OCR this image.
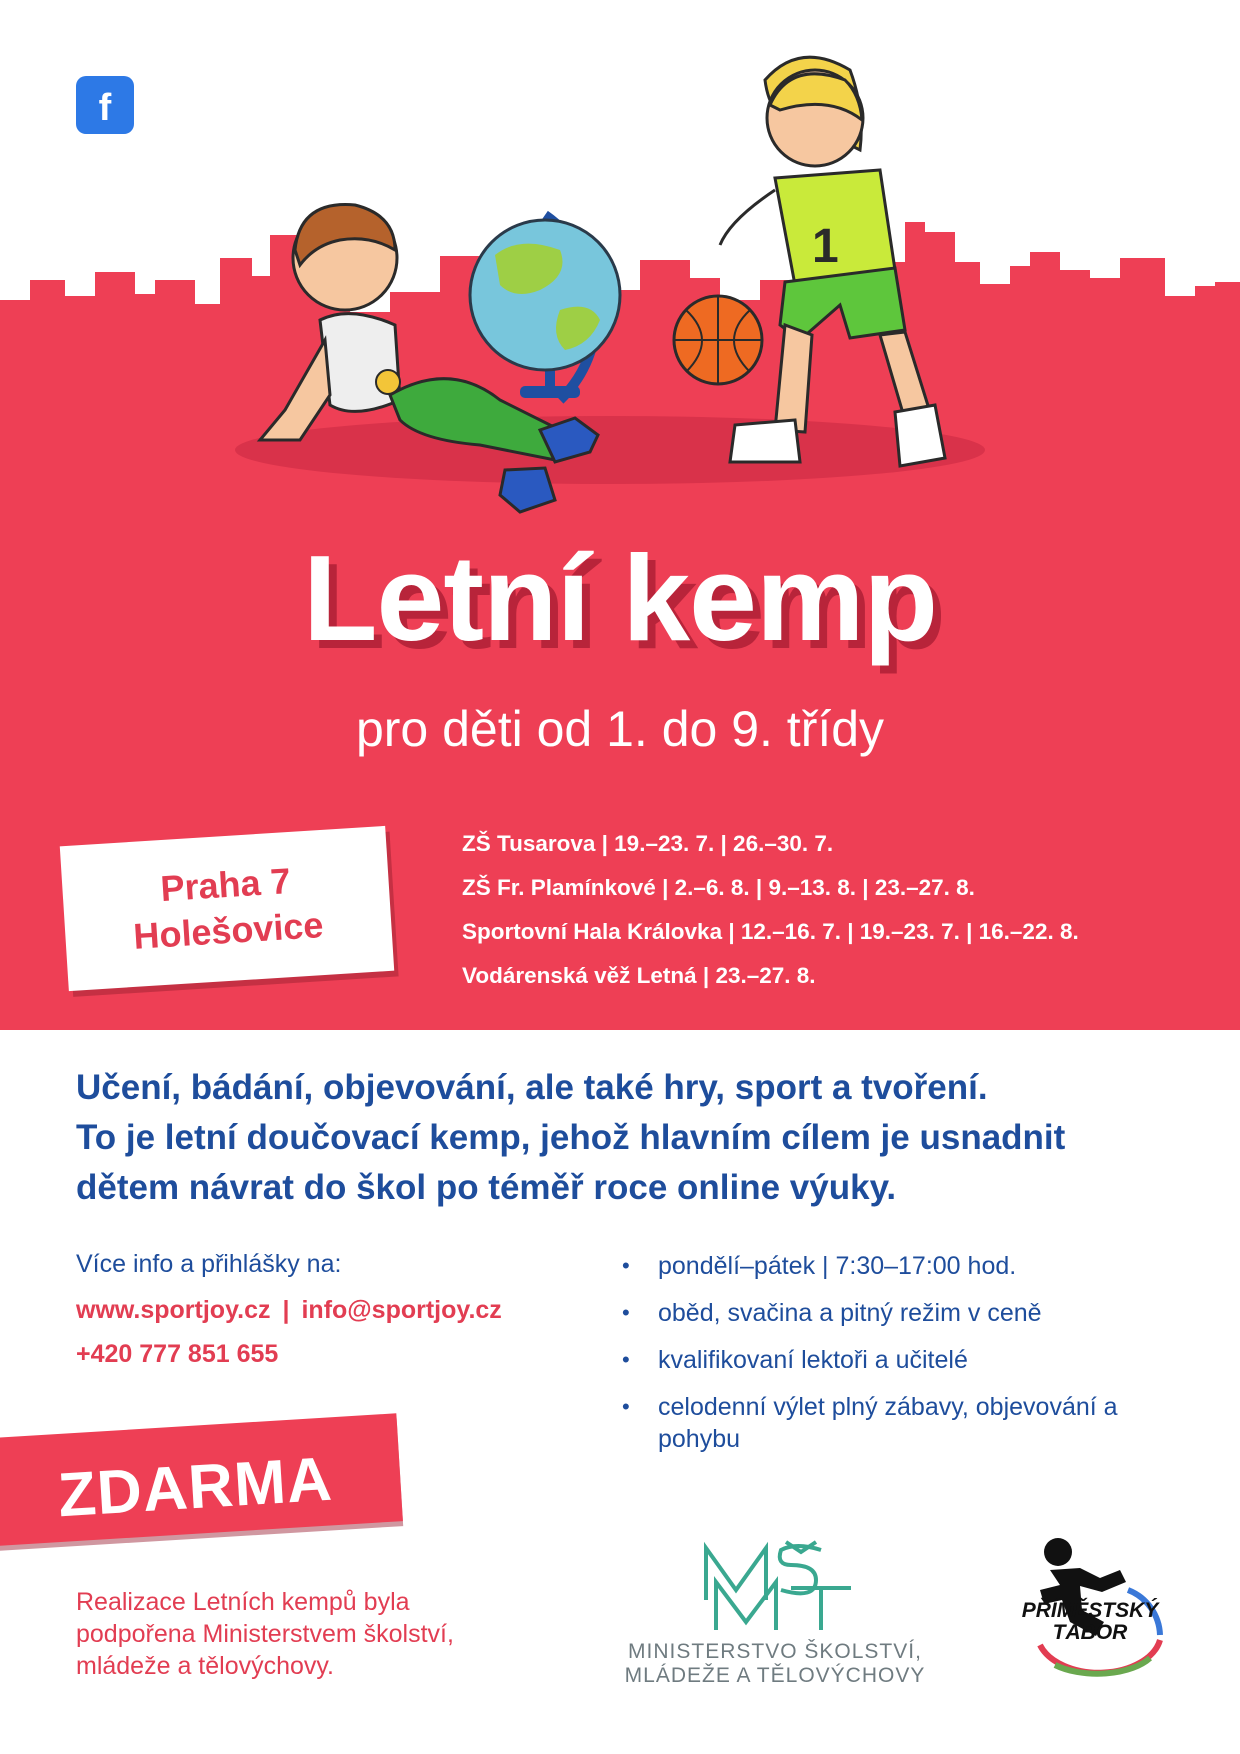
1
f
Letní kemp
pro děti od 1. do 9. třídy
Praha 7
Holešovice
ZŠ Tusarova | 19.–23. 7. | 26.–30. 7.
ZŠ Fr. Plamínkové | 2.–6. 8. | 9.–13. 8. | 23.–27. 8.
Sportovní Hala Královka | 12.–16. 7. | 19.–23. 7. | 16.–22. 8.
Vodárenská věž Letná | 23.–27. 8.
Učení, bádání, objevování, ale také hry, sport a tvoření.
To je letní doučovací kemp, jehož hlavním cílem je usnadnit
dětem návrat do škol po téměř roce online výuky.
Více info a přihlášky na:
www.sportjoy.cz | info@sportjoy.cz
+420 777 851 655
• pondělí–pátek | 7:30–17:00 hod.
• oběd, svačina a pitný režim v ceně
• kvalifikovaní lektoři a učitelé
• celodenní výlet plný zábavy, objevování a pohybu
ZDARMA
Realizace Letních kempů byla
podpořena Ministerstvem školství,
mládeže a tělovýchovy.
MINISTERSTVO ŠKOLSTVÍ,
MLÁDEŽE A TĚLOVÝCHOVY
PŘÍMĚSTSKÝ
TÁBOR
